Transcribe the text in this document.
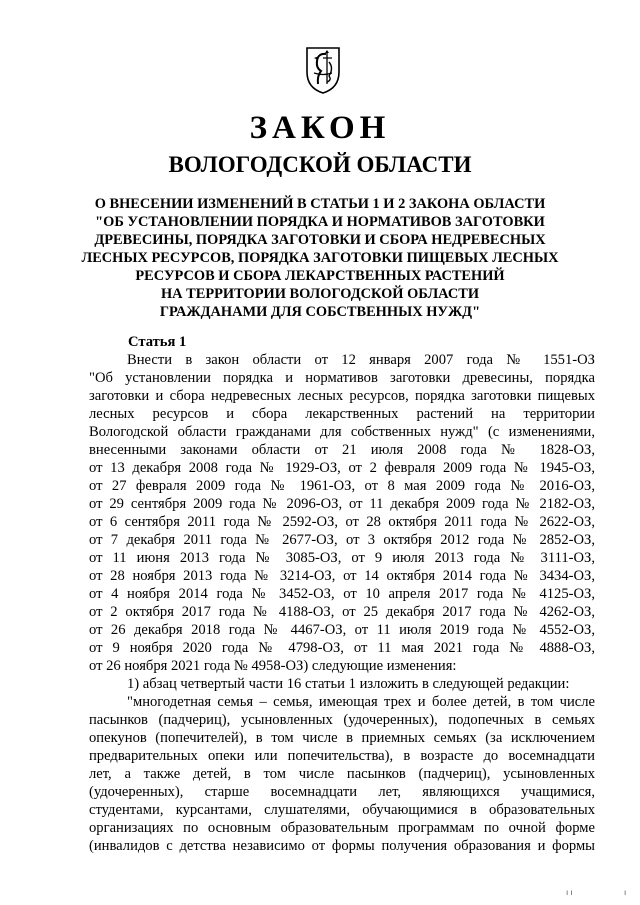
ЗАКОН
ВОЛОГОДСКОЙ ОБЛАСТИ
О ВНЕСЕНИИ ИЗМЕНЕНИЙ В СТАТЬИ 1 И 2 ЗАКОНА ОБЛАСТИ
"ОБ УСТАНОВЛЕНИИ ПОРЯДКА И НОРМАТИВОВ ЗАГОТОВКИ
ДРЕВЕСИНЫ, ПОРЯДКА ЗАГОТОВКИ И СБОРА НЕДРЕВЕСНЫХ
ЛЕСНЫХ РЕСУРСОВ, ПОРЯДКА ЗАГОТОВКИ ПИЩЕВЫХ ЛЕСНЫХ
РЕСУРСОВ И СБОРА ЛЕКАРСТВЕННЫХ РАСТЕНИЙ
НА ТЕРРИТОРИИ ВОЛОГОДСКОЙ ОБЛАСТИ
ГРАЖДАНАМИ ДЛЯ СОБСТВЕННЫХ НУЖД"
Статья 1
Внести в закон области от 12 января 2007 года № 1551-ОЗ
"Об установлении порядка и нормативов заготовки древесины, порядка
заготовки и сбора недревесных лесных ресурсов, порядка заготовки пищевых
лесных ресурсов и сбора лекарственных растений на территории
Вологодской области гражданами для собственных нужд" (с изменениями,
внесенными законами области от 21 июля 2008 года № 1828-ОЗ,
от 13 декабря 2008 года № 1929-ОЗ, от 2 февраля 2009 года № 1945-ОЗ,
от 27 февраля 2009 года № 1961-ОЗ, от 8 мая 2009 года № 2016-ОЗ,
от 29 сентября 2009 года № 2096-ОЗ, от 11 декабря 2009 года № 2182-ОЗ,
от 6 сентября 2011 года № 2592-ОЗ, от 28 октября 2011 года № 2622-ОЗ,
от 7 декабря 2011 года № 2677-ОЗ, от 3 октября 2012 года № 2852-ОЗ,
от 11 июня 2013 года № 3085-ОЗ, от 9 июля 2013 года № 3111-ОЗ,
от 28 ноября 2013 года № 3214-ОЗ, от 14 октября 2014 года № 3434-ОЗ,
от 4 ноября 2014 года № 3452-ОЗ, от 10 апреля 2017 года № 4125-ОЗ,
от 2 октября 2017 года № 4188-ОЗ, от 25 декабря 2017 года № 4262-ОЗ,
от 26 декабря 2018 года № 4467-ОЗ, от 11 июля 2019 года № 4552-ОЗ,
от 9 ноября 2020 года № 4798-ОЗ, от 11 мая 2021 года № 4888-ОЗ,
от 26 ноября 2021 года № 4958-ОЗ) следующие изменения:
1) абзац четвертый части 16 статьи 1 изложить в следующей редакции:
"многодетная семья – семья, имеющая трех и более детей, в том числе
пасынков (падчериц), усыновленных (удочеренных), подопечных в семьях
опекунов (попечителей), в том числе в приемных семьях (за исключением
предварительных опеки или попечительства), в возрасте до восемнадцати
лет, а также детей, в том числе пасынков (падчериц), усыновленных
(удочеренных), старше восемнадцати лет, являющихся учащимися,
студентами, курсантами, слушателями, обучающимися в образовательных
организациях по основным образовательным программам по очной форме
(инвалидов с детства независимо от формы получения образования и формы
ı ı	ı
